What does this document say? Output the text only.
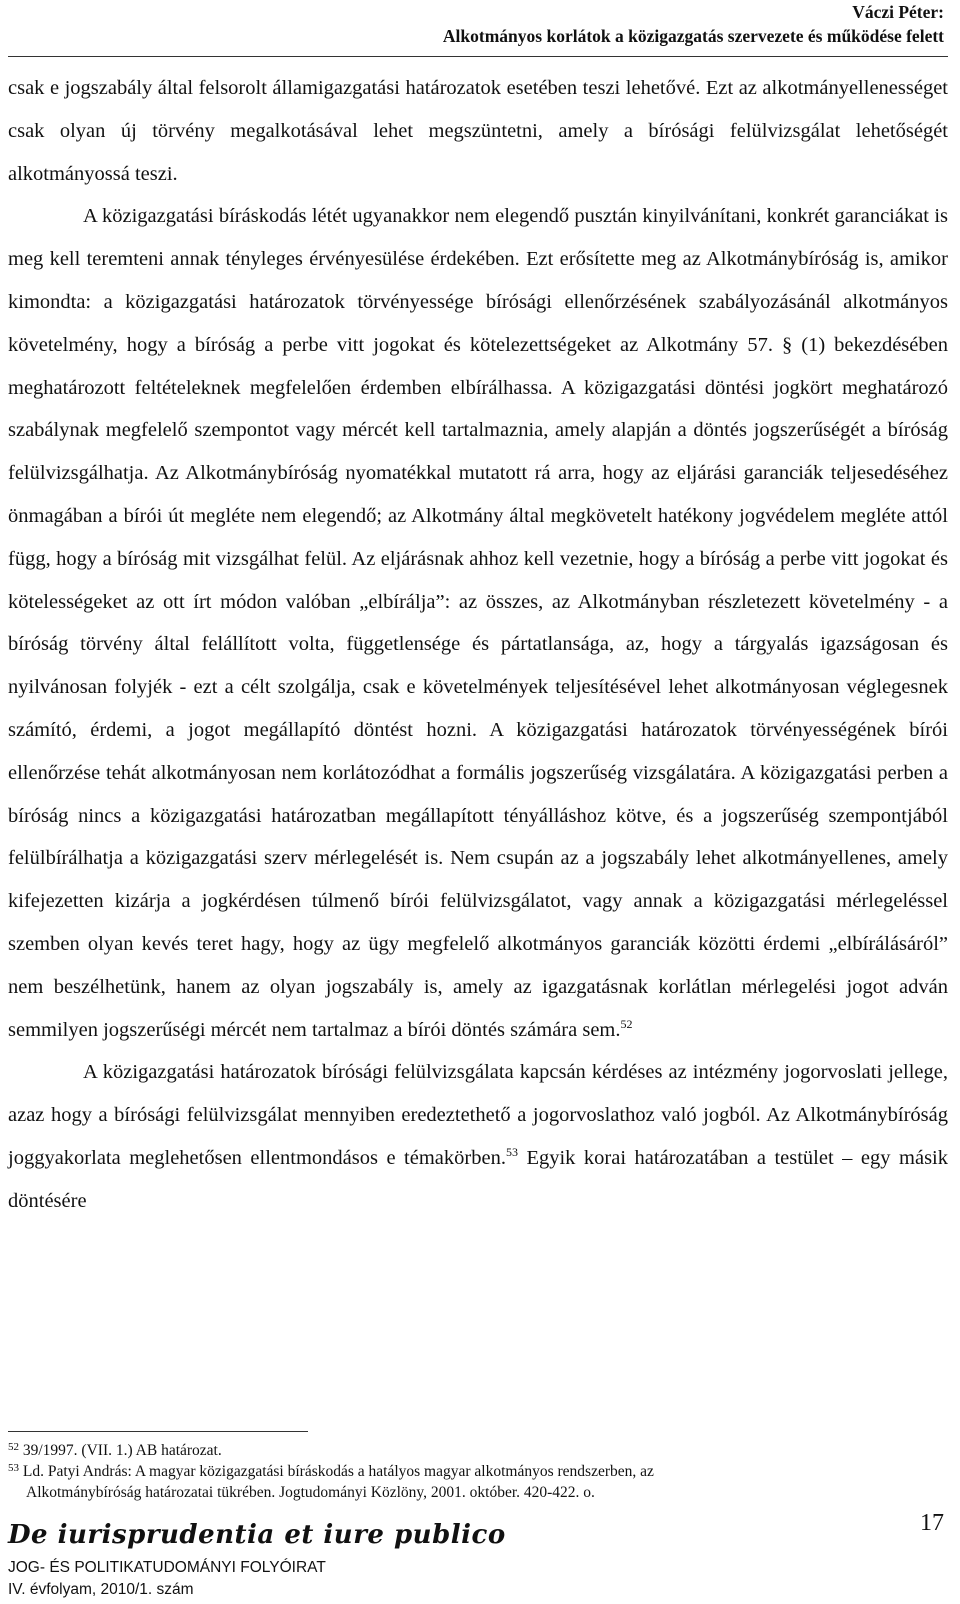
Váczi Péter:
Alkotmányos korlátok a közigazgatás szervezete és működése felett

csak e jogszabály által felsorolt államigazgatási határozatok esetében teszi lehetővé. Ezt az alkotmányellenességet csak olyan új törvény megalkotásával lehet megszüntetni, amely a bírósági felülvizsgálat lehetőségét alkotmányossá teszi.

A közigazgatási bíráskodás létét ugyanakkor nem elegendő pusztán kinyilvánítani, konkrét garanciákat is meg kell teremteni annak tényleges érvényesülése érdekében. Ezt erősítette meg az Alkotmánybíróság is, amikor kimondta: a közigazgatási határozatok törvényessége bírósági ellenőrzésének szabályozásánál alkotmányos követelmény, hogy a bíróság a perbe vitt jogokat és kötelezettségeket az Alkotmány 57. § (1) bekezdésében meghatározott feltételeknek megfelelően érdemben elbírálhassa. A közigazgatási döntési jogkört meghatározó szabálynak megfelelő szempontot vagy mércét kell tartalmaznia, amely alapján a döntés jogszerűségét a bíróság felülvizsgálhatja. Az Alkotmánybíróság nyomatékkal mutatott rá arra, hogy az eljárási garanciák teljesedéséhez önmagában a bírói út megléte nem elegendő; az Alkotmány által megkövetelt hatékony jogvédelem megléte attól függ, hogy a bíróság mit vizsgálhat felül. Az eljárásnak ahhoz kell vezetnie, hogy a bíróság a perbe vitt jogokat és kötelességeket az ott írt módon valóban „elbírálja”: az összes, az Alkotmányban részletezett követelmény - a bíróság törvény által felállított volta, függetlensége és pártatlansága, az, hogy a tárgyalás igazságosan és nyilvánosan folyjék - ezt a célt szolgálja, csak e követelmények teljesítésével lehet alkotmányosan véglegesnek számító, érdemi, a jogot megállapító döntést hozni. A közigazgatási határozatok törvényességének bírói ellenőrzése tehát alkotmányosan nem korlátozódhat a formális jogszerűség vizsgálatára. A közigazgatási perben a bíróság nincs a közigazgatási határozatban megállapított tényálláshoz kötve, és a jogszerűség szempontjából felülbírálhatja a közigazgatási szerv mérlegelését is. Nem csupán az a jogszabály lehet alkotmányellenes, amely kifejezetten kizárja a jogkérdésen túlmenő bírói felülvizsgálatot, vagy annak a közigazgatási mérlegeléssel szemben olyan kevés teret hagy, hogy az ügy megfelelő alkotmányos garanciák közötti érdemi „elbírálásáról” nem beszélhetünk, hanem az olyan jogszabály is, amely az igazgatásnak korlátlan mérlegelési jogot adván semmilyen jogszerűségi mércét nem tartalmaz a bírói döntés számára sem.$^{52}$

A közigazgatási határozatok bírósági felülvizsgálata kapcsán kérdéses az intézmény jogorvoslati jellege, azaz hogy a bírósági felülvizsgálat mennyiben eredeztethető a jogorvoslathoz való jogból. Az Alkotmánybíróság joggyakorlata meglehetősen ellentmondásos e témakörben.$^{53}$ Egyik korai határozatában a testület – egy másik döntésére

$^{52}$ 39/1997. (VII. 1.) AB határozat.
$^{53}$ Ld. Patyi András: A magyar közigazgatási bíráskodás a hatályos magyar alkotmányos rendszerben, az
Alkotmánybíróság határozatai tükrében. Jogtudományi Közlöny, 2001. október. 420-422. o.
De iurisprudentia et iure publico	17
JOG- ÉS POLITIKATUDOMÁNYI FOLYÓIRAT
IV. évfolyam, 2010/1. szám
